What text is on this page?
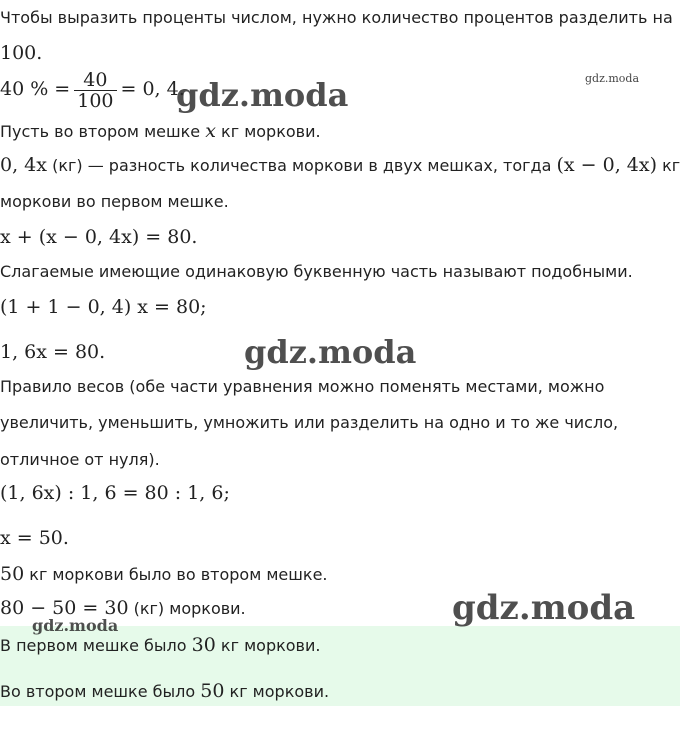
Чтобы выразить проценты числом, нужно количество процентов разделить на
100.
40 % = $\frac{40}{100} = 0$, 4.
Пусть во втором мешке x кг моркови.
0, 4x (кг) — разность количества моркови в двух мешках, тогда (x − 0, 4x) кг
моркови во первом мешке.
x + (x − 0, 4x) = 80.
Слагаемые имеющие одинаковую буквенную часть называют подобными.
(1 + 1 − 0, 4) x = 80;
1, 6x = 80.
Правило весов (обе части уравнения можно поменять местами, можно
увеличить, уменьшить, умножить или разделить на одно и то же число,
отличное от нуля).
(1, 6x) : 1, 6 = 80 : 1, 6;
x = 50.
50 кг моркови было во втором мешке.
80 − 50 = 30 (кг) моркови.
В первом мешке было 30 кг моркови.
Во втором мешке было 50 кг моркови.
gdz.moda	gdz.moda
gdz.moda
gdz.moda
gdz.moda
